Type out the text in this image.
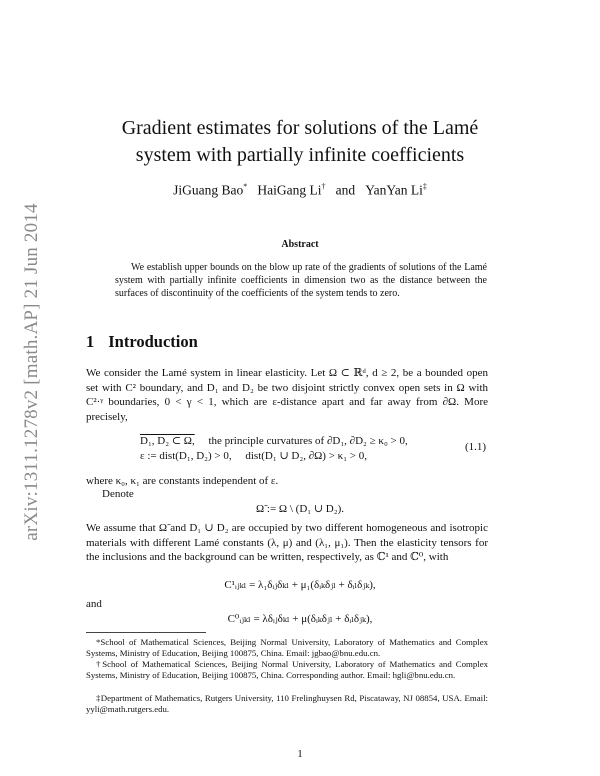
arXiv:1311.1278v2 [math.AP] 21 Jun 2014
Gradient estimates for solutions of the Lamé
system with partially infinite coefficients
JiGuang Bao* HaiGang Li† and YanYan Li‡
Abstract
We establish upper bounds on the blow up rate of the gradients of solutions of the Lamé system with partially infinite coefficients in dimension two as the distance between the surfaces of discontinuity of the coefficients of the system tends to zero.
1 Introduction
We consider the Lamé system in linear elasticity. Let Ω ⊂ ℝᵈ, d ≥ 2, be a bounded open set with C² boundary, and D₁ and D₂ be two disjoint strictly convex open sets in Ω with C²·ᵞ boundaries, 0 < γ < 1, which are ε-distance apart and far away from ∂Ω. More precisely,
D₁, D₂ ⊂ Ω, the principle curvatures of ∂D₁, ∂D₂ ≥ κ₀ > 0,
ε := dist(D₁, D₂) > 0, dist(D₁ ∪ D₂, ∂Ω) > κ₁ > 0,
(1.1)
where κ₀, κ₁ are constants independent of ε.
Denote
Ω̃ := Ω \ (D₁ ∪ D₂).
We assume that Ω̃ and D₁ ∪ D₂ are occupied by two different homogeneous and isotropic materials with different Lamé constants (λ, μ) and (λ₁, μ₁). Then the elasticity tensors for the inclusions and the background can be written, respectively, as ℂ¹ and ℂ⁰, with
C¹ᵢⱼₖₗ = λ₁δᵢⱼδₖₗ + μ₁(δᵢₖδⱼₗ + δᵢₗδⱼₖ),
and
C⁰ᵢⱼₖₗ = λδᵢⱼδₖₗ + μ(δᵢₖδⱼₗ + δᵢₗδⱼₖ),

*School of Mathematical Sciences, Beijing Normal University, Laboratory of Mathematics and Complex Systems, Ministry of Education, Beijing 100875, China. Email: jgbao@bnu.edu.cn.

†School of Mathematical Sciences, Beijing Normal University, Laboratory of Mathematics and Complex Systems, Ministry of Education, Beijing 100875, China. Corresponding author. Email: hgli@bnu.edu.cn.

‡Department of Mathematics, Rutgers University, 110 Frelinghuysen Rd, Piscataway, NJ 08854, USA. Email: yyli@math.rutgers.edu.

1
